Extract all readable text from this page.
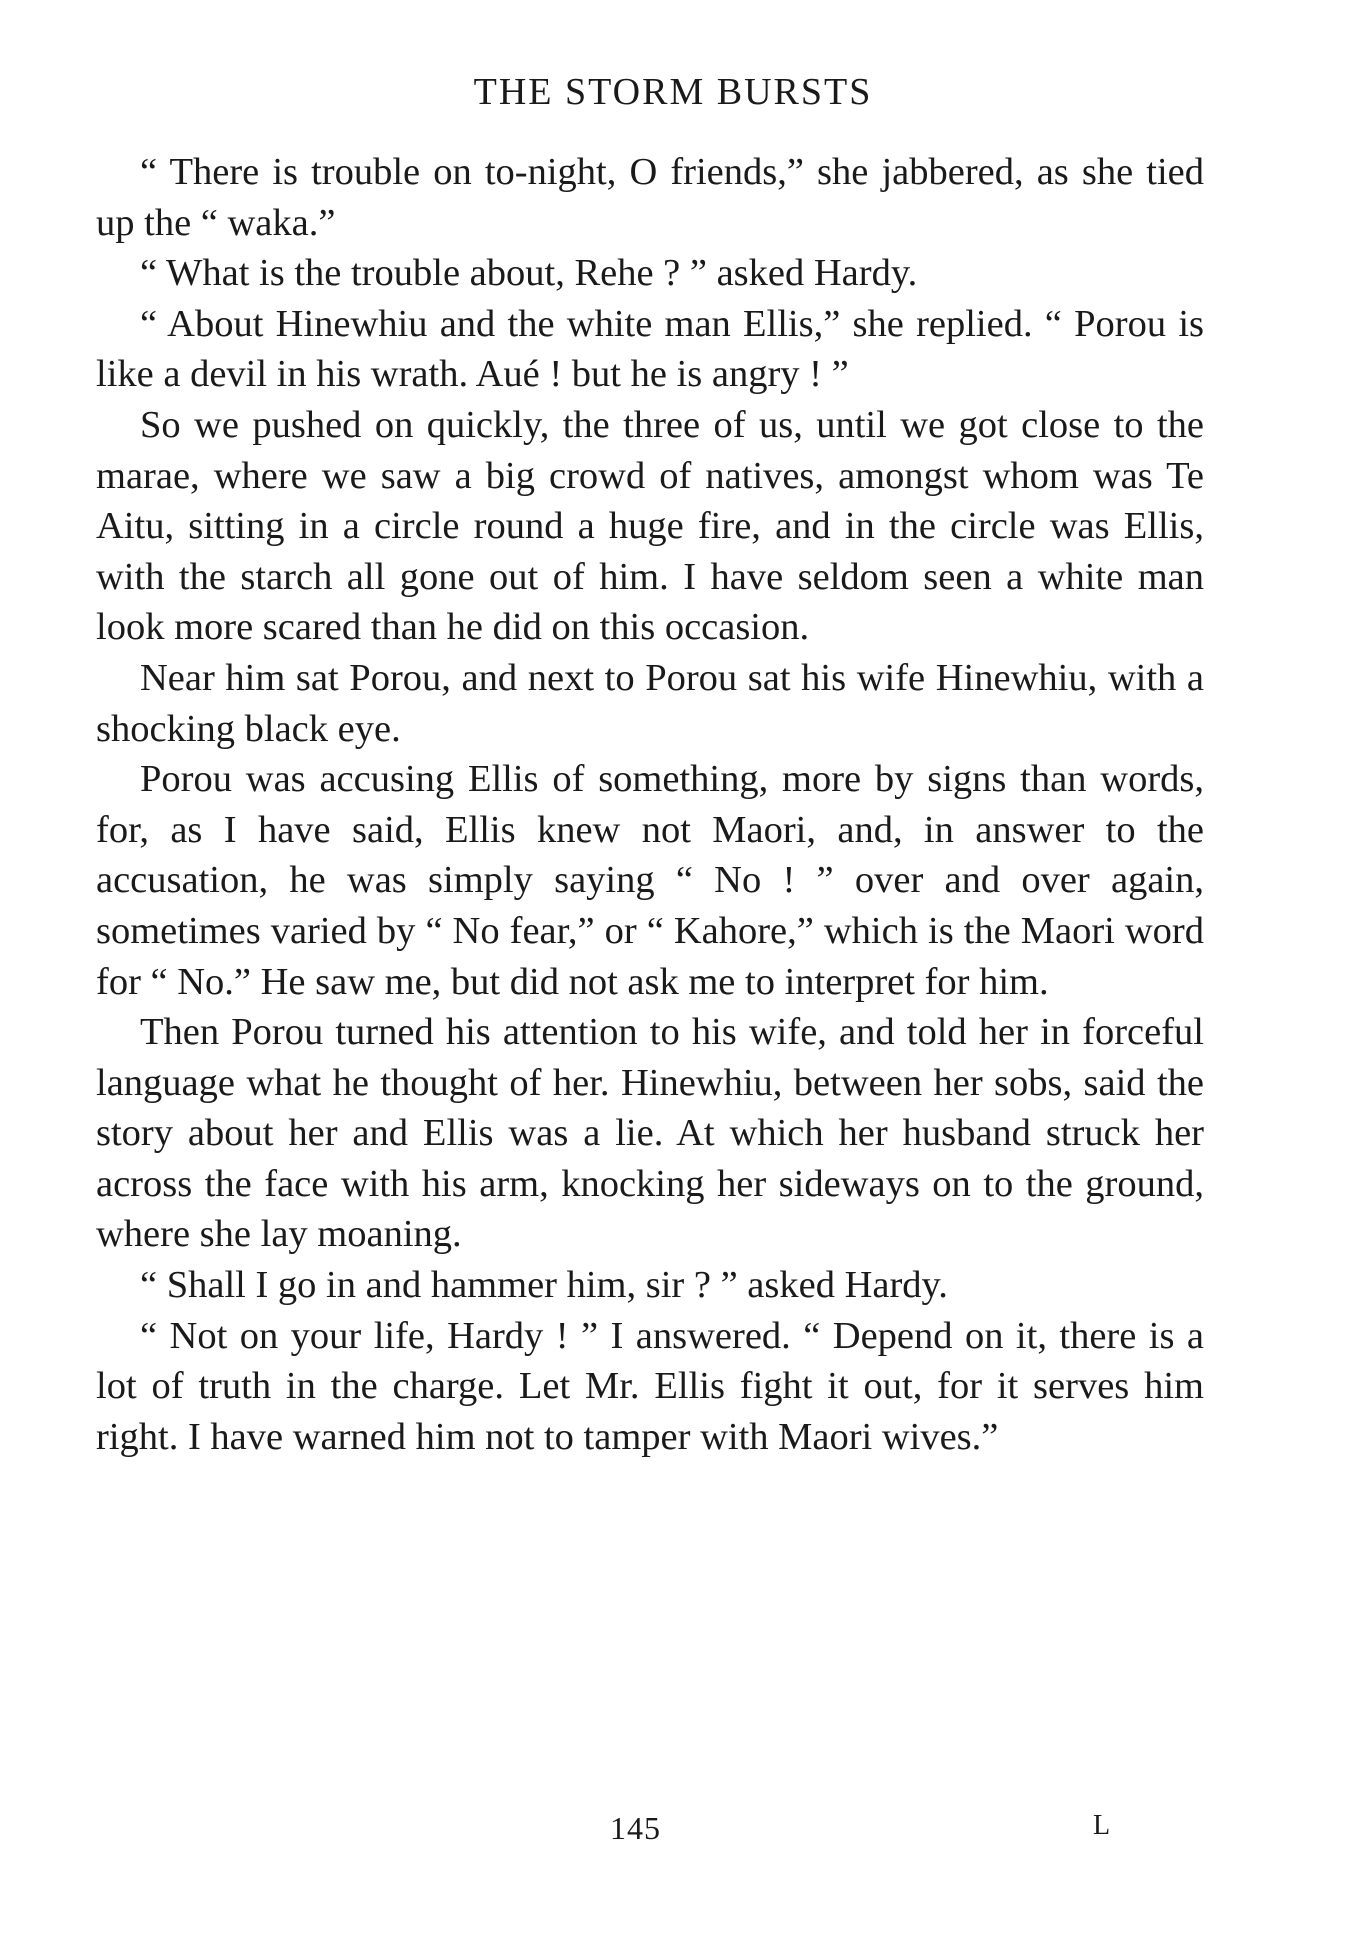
THE STORM BURSTS

“ There is trouble on to-night, O friends,” she jabbered, as she tied up the “ waka.”

“ What is the trouble about, Rehe ? ” asked Hardy.

“ About Hinewhiu and the white man Ellis,” she replied. “ Porou is like a devil in his wrath. Aué ! but he is angry ! ”

So we pushed on quickly, the three of us, until we got close to the marae, where we saw a big crowd of natives, amongst whom was Te Aitu, sitting in a circle round a huge fire, and in the circle was Ellis, with the starch all gone out of him. I have seldom seen a white man look more scared than he did on this occasion.

Near him sat Porou, and next to Porou sat his wife Hinewhiu, with a shocking black eye.

Porou was accusing Ellis of something, more by signs than words, for, as I have said, Ellis knew not Maori, and, in answer to the accusation, he was simply saying “ No ! ” over and over again, sometimes varied by “ No fear,” or “ Kahore,” which is the Maori word for “ No.” He saw me, but did not ask me to interpret for him.

Then Porou turned his attention to his wife, and told her in forceful language what he thought of her. Hinewhiu, between her sobs, said the story about her and Ellis was a lie. At which her husband struck her across the face with his arm, knocking her sideways on to the ground, where she lay moaning.

“ Shall I go in and hammer him, sir ? ” asked Hardy.

“ Not on your life, Hardy ! ” I answered. “ Depend on it, there is a lot of truth in the charge. Let Mr. Ellis fight it out, for it serves him right. I have warned him not to tamper with Maori wives.”

145	L
